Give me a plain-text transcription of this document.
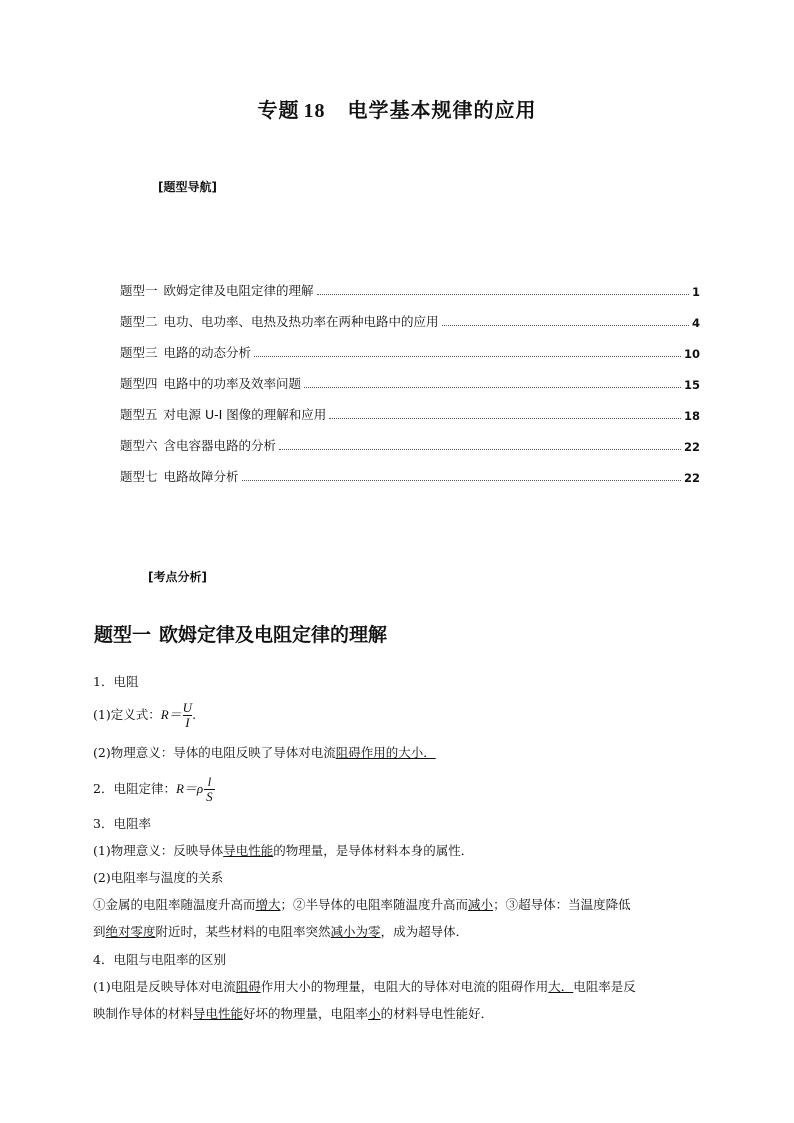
专题 18 电学基本规律的应用
[题型导航]
题型一 欧姆定律及电阻定律的理解	1
题型二 电功、电功率、电热及热功率在两种电路中的应用	4
题型三 电路的动态分析	10
题型四 电路中的功率及效率问题	15
题型五 对电源 U-I 图像的理解和应用	18
题型六 含电容器电路的分析	22
题型七 电路故障分析	22
[考点分析]
题型一 欧姆定律及电阻定律的理解
1．电阻
(1)定义式：$R= \frac{U}{I}$ .
(2)物理意义：导体的电阻反映了导体对电流阻碍作用的大小．
2．电阻定律：$R=\rho \frac{l}{S}$
3．电阻率
(1)物理意义：反映导体导电性能的物理量，是导体材料本身的属性．
(2)电阻率与温度的关系
①金属的电阻率随温度升高而增大；②半导体的电阻率随温度升高而减小；③超导体：当温度降低
到绝对零度附近时，某些材料的电阻率突然减小为零，成为超导体．
4．电阻与电阻率的区别
(1)电阻是反映导体对电流阻碍作用大小的物理量，电阻大的导体对电流的阻碍作用大．电阻率是反
映制作导体的材料导电性能好坏的物理量，电阻率小的材料导电性能好．
